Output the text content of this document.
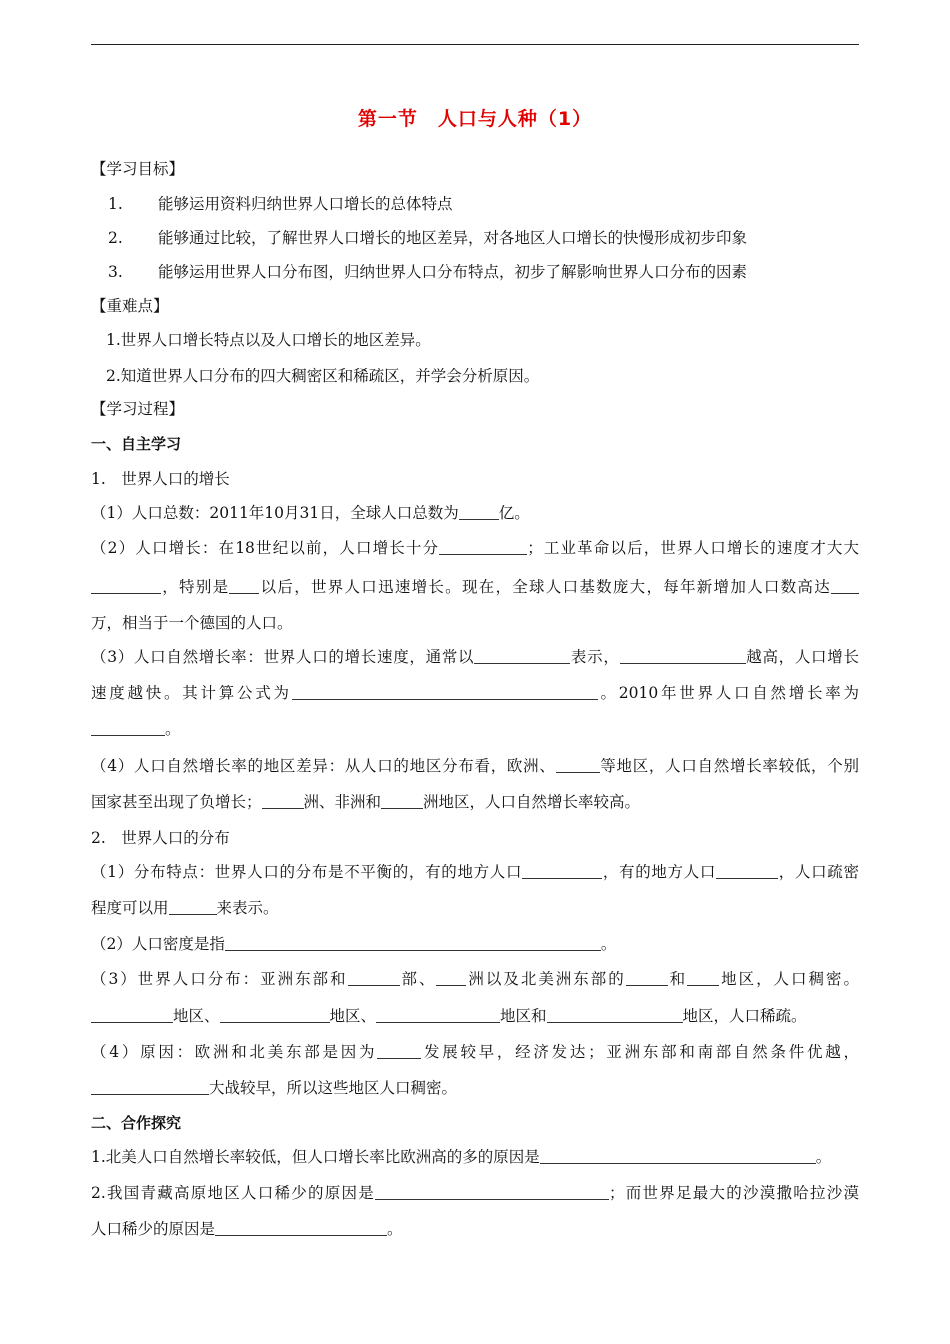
第一节　人口与人种（1）
【学习目标】
1. 能够运用资料归纳世界人口增长的总体特点
2. 能够通过比较，了解世界人口增长的地区差异，对各地区人口增长的快慢形成初步印象
3. 能够运用世界人口分布图，归纳世界人口分布特点，初步了解影响世界人口分布的因素
【重难点】
1.世界人口增长特点以及人口增长的地区差异。
2.知道世界人口分布的四大稠密区和稀疏区，并学会分析原因。
【学习过程】
一、自主学习
1.　世界人口的增长
（1）人口总数：2011年10月31日，全球人口总数为	亿。
（2）人口增长：在18世纪以前，人口增长十分	；工业革命以后，世界人口增长的速度才大大
，特别是 以后，世界人口迅速增长。现在，全球人口基数庞大，每年新增加人口数高达
万，相当于一个德国的人口。
（3）人口自然增长率：世界人口的增长速度，通常以	表示，	越高，人口增长
速度越快。其计算公式为	。2010年世界人口自然增长率为
。
（4）人口自然增长率的地区差异：从人口的地区分布看，欧洲、	等地区，人口自然增长率较低，个别
国家甚至出现了负增长；	洲、非洲和	洲地区，人口自然增长率较高。
2.　世界人口的分布
（1）分布特点：世界人口的分布是不平衡的，有的地方人口	，有的地方人口	，人口疏密
程度可以用	来表示。
（2）人口密度是指	。
（3）世界人口分布：亚洲东部和	部、 洲以及北美洲东部的	和 地区，人口稠密。
地区、	地区、	地区和	地区，人口稀疏。
（4）原因：欧洲和北美东部是因为	发展较早，经济发达；亚洲东部和南部自然条件优越，
大战较早，所以这些地区人口稠密。
二、合作探究
1.北美人口自然增长率较低，但人口增长率比欧洲高的多的原因是	。
2.我国青藏高原地区人口稀少的原因是	；而世界足最大的沙漠撒哈拉沙漠
人口稀少的原因是	。
